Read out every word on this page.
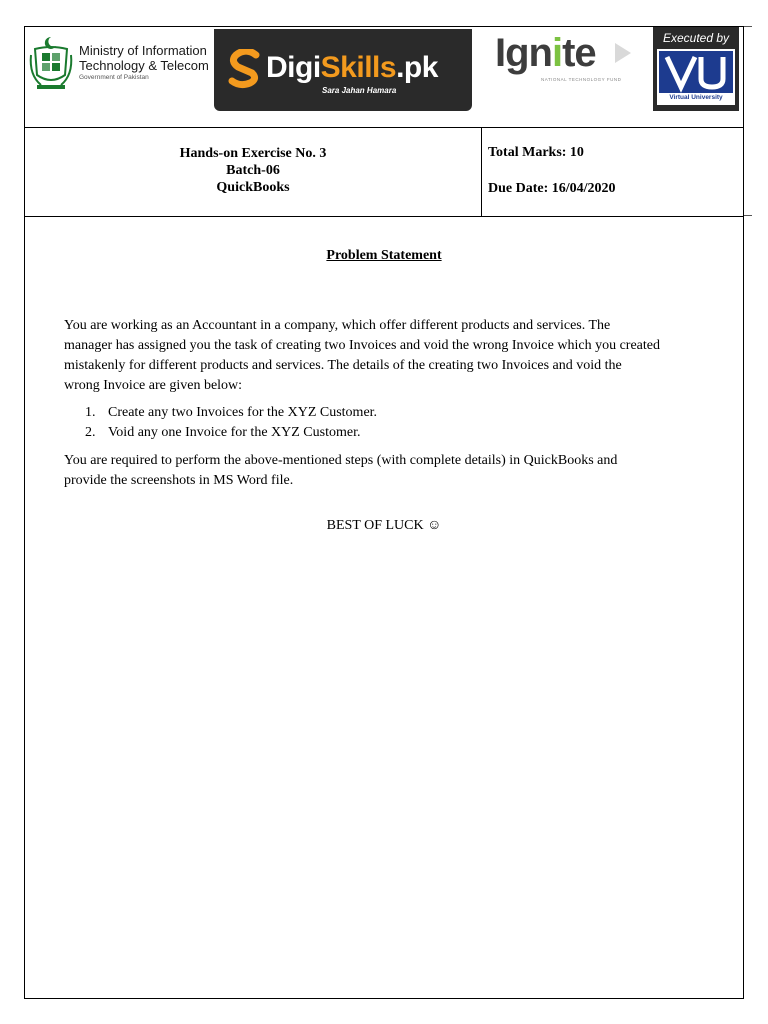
Ministry of Information
Technology & Telecom
Government of Pakistan	DigiSkills.pk
Sara Jahan Hamara
Ignite
NATIONAL TECHNOLOGY FUND
Executed by
Virtual University
Hands-on Exercise No. 3
Batch-06
QuickBooks
Total Marks: 10
Due Date: 16/04/2020
Problem Statement
You are working as an Accountant in a company, which offer different products and services. The
manager has assigned you the task of creating two Invoices and void the wrong Invoice which you created
mistakenly for different products and services. The details of the creating two Invoices and void the
wrong Invoice are given below:
1. Create any two Invoices for the XYZ Customer.
2. Void any one Invoice for the XYZ Customer.
You are required to perform the above-mentioned steps (with complete details) in QuickBooks and
provide the screenshots in MS Word file.
BEST OF LUCK ☺
